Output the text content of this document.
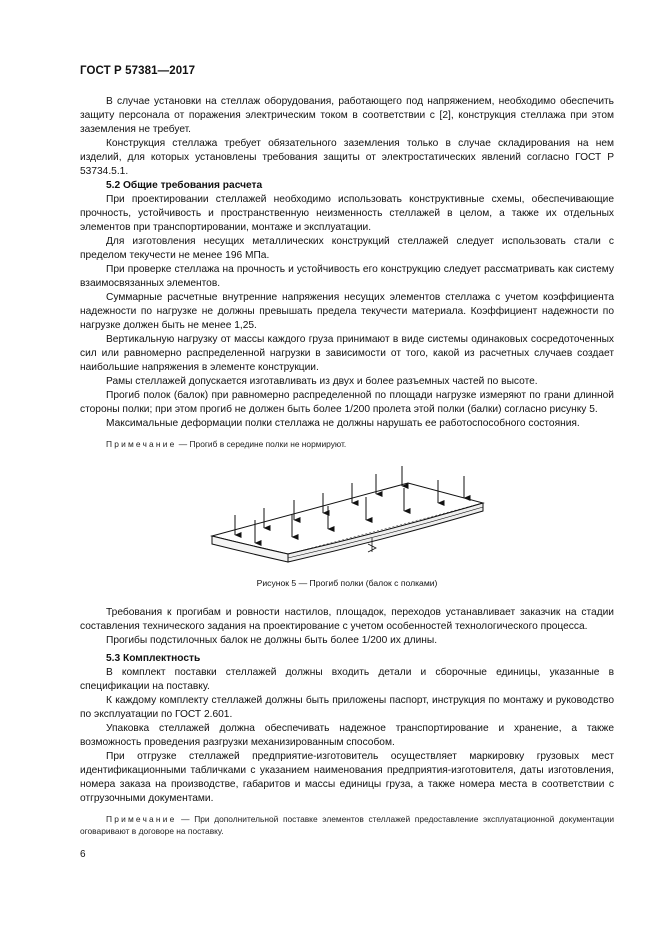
ГОСТ Р 57381—2017

В случае установки на стеллаж оборудования, работающего под напряжением, необходимо обеспечить защиту персонала от поражения электрическим током в соответствии с [2], конструкция стеллажа при этом заземления не требует.

Конструкция стеллажа требует обязательного заземления только в случае складирования на нем изделий, для которых установлены требования защиты от электростатических явлений согласно ГОСТ Р 53734.5.1.

5.2 Общие требования расчета

При проектировании стеллажей необходимо использовать конструктивные схемы, обеспечивающие прочность, устойчивость и пространственную неизменность стеллажей в целом, а также их отдельных элементов при транспортировании, монтаже и эксплуатации.

Для изготовления несущих металлических конструкций стеллажей следует использовать стали с пределом текучести не менее 196 МПа.

При проверке стеллажа на прочность и устойчивость его конструкцию следует рассматривать как систему взаимосвязанных элементов.

Суммарные расчетные внутренние напряжения несущих элементов стеллажа с учетом коэффициента надежности по нагрузке не должны превышать предела текучести материала. Коэффициент надежности по нагрузке должен быть не менее 1,25.

Вертикальную нагрузку от массы каждого груза принимают в виде системы одинаковых сосредоточенных сил или равномерно распределенной нагрузки в зависимости от того, какой из расчетных случаев создает наибольшие напряжения в элементе конструкции.

Рамы стеллажей допускается изготавливать из двух и более разъемных частей по высоте.

Прогиб полок (балок) при равномерно распределенной по площади нагрузке измеряют по грани длинной стороны полки; при этом прогиб не должен быть более 1/200 пролета этой полки (балки) согласно рисунку 5.

Максимальные деформации полки стеллажа не должны нарушать ее работоспособного состояния.

Примечание — Прогиб в середине полки не нормируют.

Рисунок 5 — Прогиб полки (балок с полками)

Требования к прогибам и ровности настилов, площадок, переходов устанавливает заказчик на стадии составления технического задания на проектирование с учетом особенностей технологического процесса.

Прогибы подстилочных балок не должны быть более 1/200 их длины.

5.3 Комплектность

В комплект поставки стеллажей должны входить детали и сборочные единицы, указанные в спецификации на поставку.

К каждому комплекту стеллажей должны быть приложены паспорт, инструкция по монтажу и руководство по эксплуатации по ГОСТ 2.601.

Упаковка стеллажей должна обеспечивать надежное транспортирование и хранение, а также возможность проведения разгрузки механизированным способом.

При отгрузке стеллажей предприятие-изготовитель осуществляет маркировку грузовых мест идентификационными табличками с указанием наименования предприятия-изготовителя, даты изготовления, номера заказа на производстве, габаритов и массы единицы груза, а также номера места в соответствии с отгрузочными документами.

Примечание — При дополнительной поставке элементов стеллажей предоставление эксплуатационной документации оговаривают в договоре на поставку.

6
